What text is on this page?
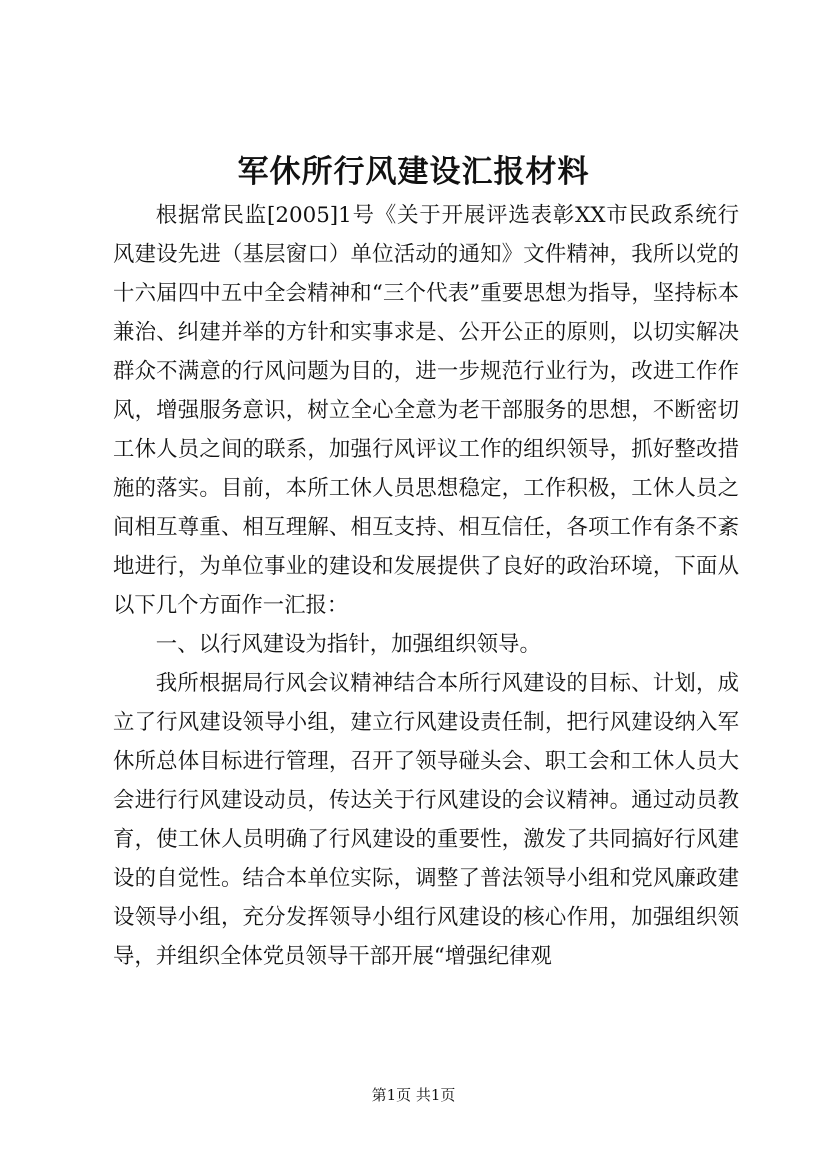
军休所行风建设汇报材料

根据常民监[2005]1号《关于开展评选表彰XX市民政系统行风建设先进（基层窗口）单位活动的通知》文件精神，我所以党的十六届四中五中全会精神和“三个代表”重要思想为指导，坚持标本兼治、纠建并举的方针和实事求是、公开公正的原则，以切实解决群众不满意的行风问题为目的，进一步规范行业行为，改进工作作风，增强服务意识，树立全心全意为老干部服务的思想，不断密切工休人员之间的联系，加强行风评议工作的组织领导，抓好整改措施的落实。目前，本所工休人员思想稳定，工作积极，工休人员之间相互尊重、相互理解、相互支持、相互信任，各项工作有条不紊地进行，为单位事业的建设和发展提供了良好的政治环境，下面从以下几个方面作一汇报：

一、以行风建设为指针，加强组织领导。

我所根据局行风会议精神结合本所行风建设的目标、计划，成立了行风建设领导小组，建立行风建设责任制，把行风建设纳入军休所总体目标进行管理，召开了领导碰头会、职工会和工休人员大会进行行风建设动员，传达关于行风建设的会议精神。通过动员教育，使工休人员明确了行风建设的重要性，激发了共同搞好行风建设的自觉性。结合本单位实际，调整了普法领导小组和党风廉政建设领导小组，充分发挥领导小组行风建设的核心作用，加强组织领导，并组织全体党员领导干部开展“增强纪律观

第1页 共1页
